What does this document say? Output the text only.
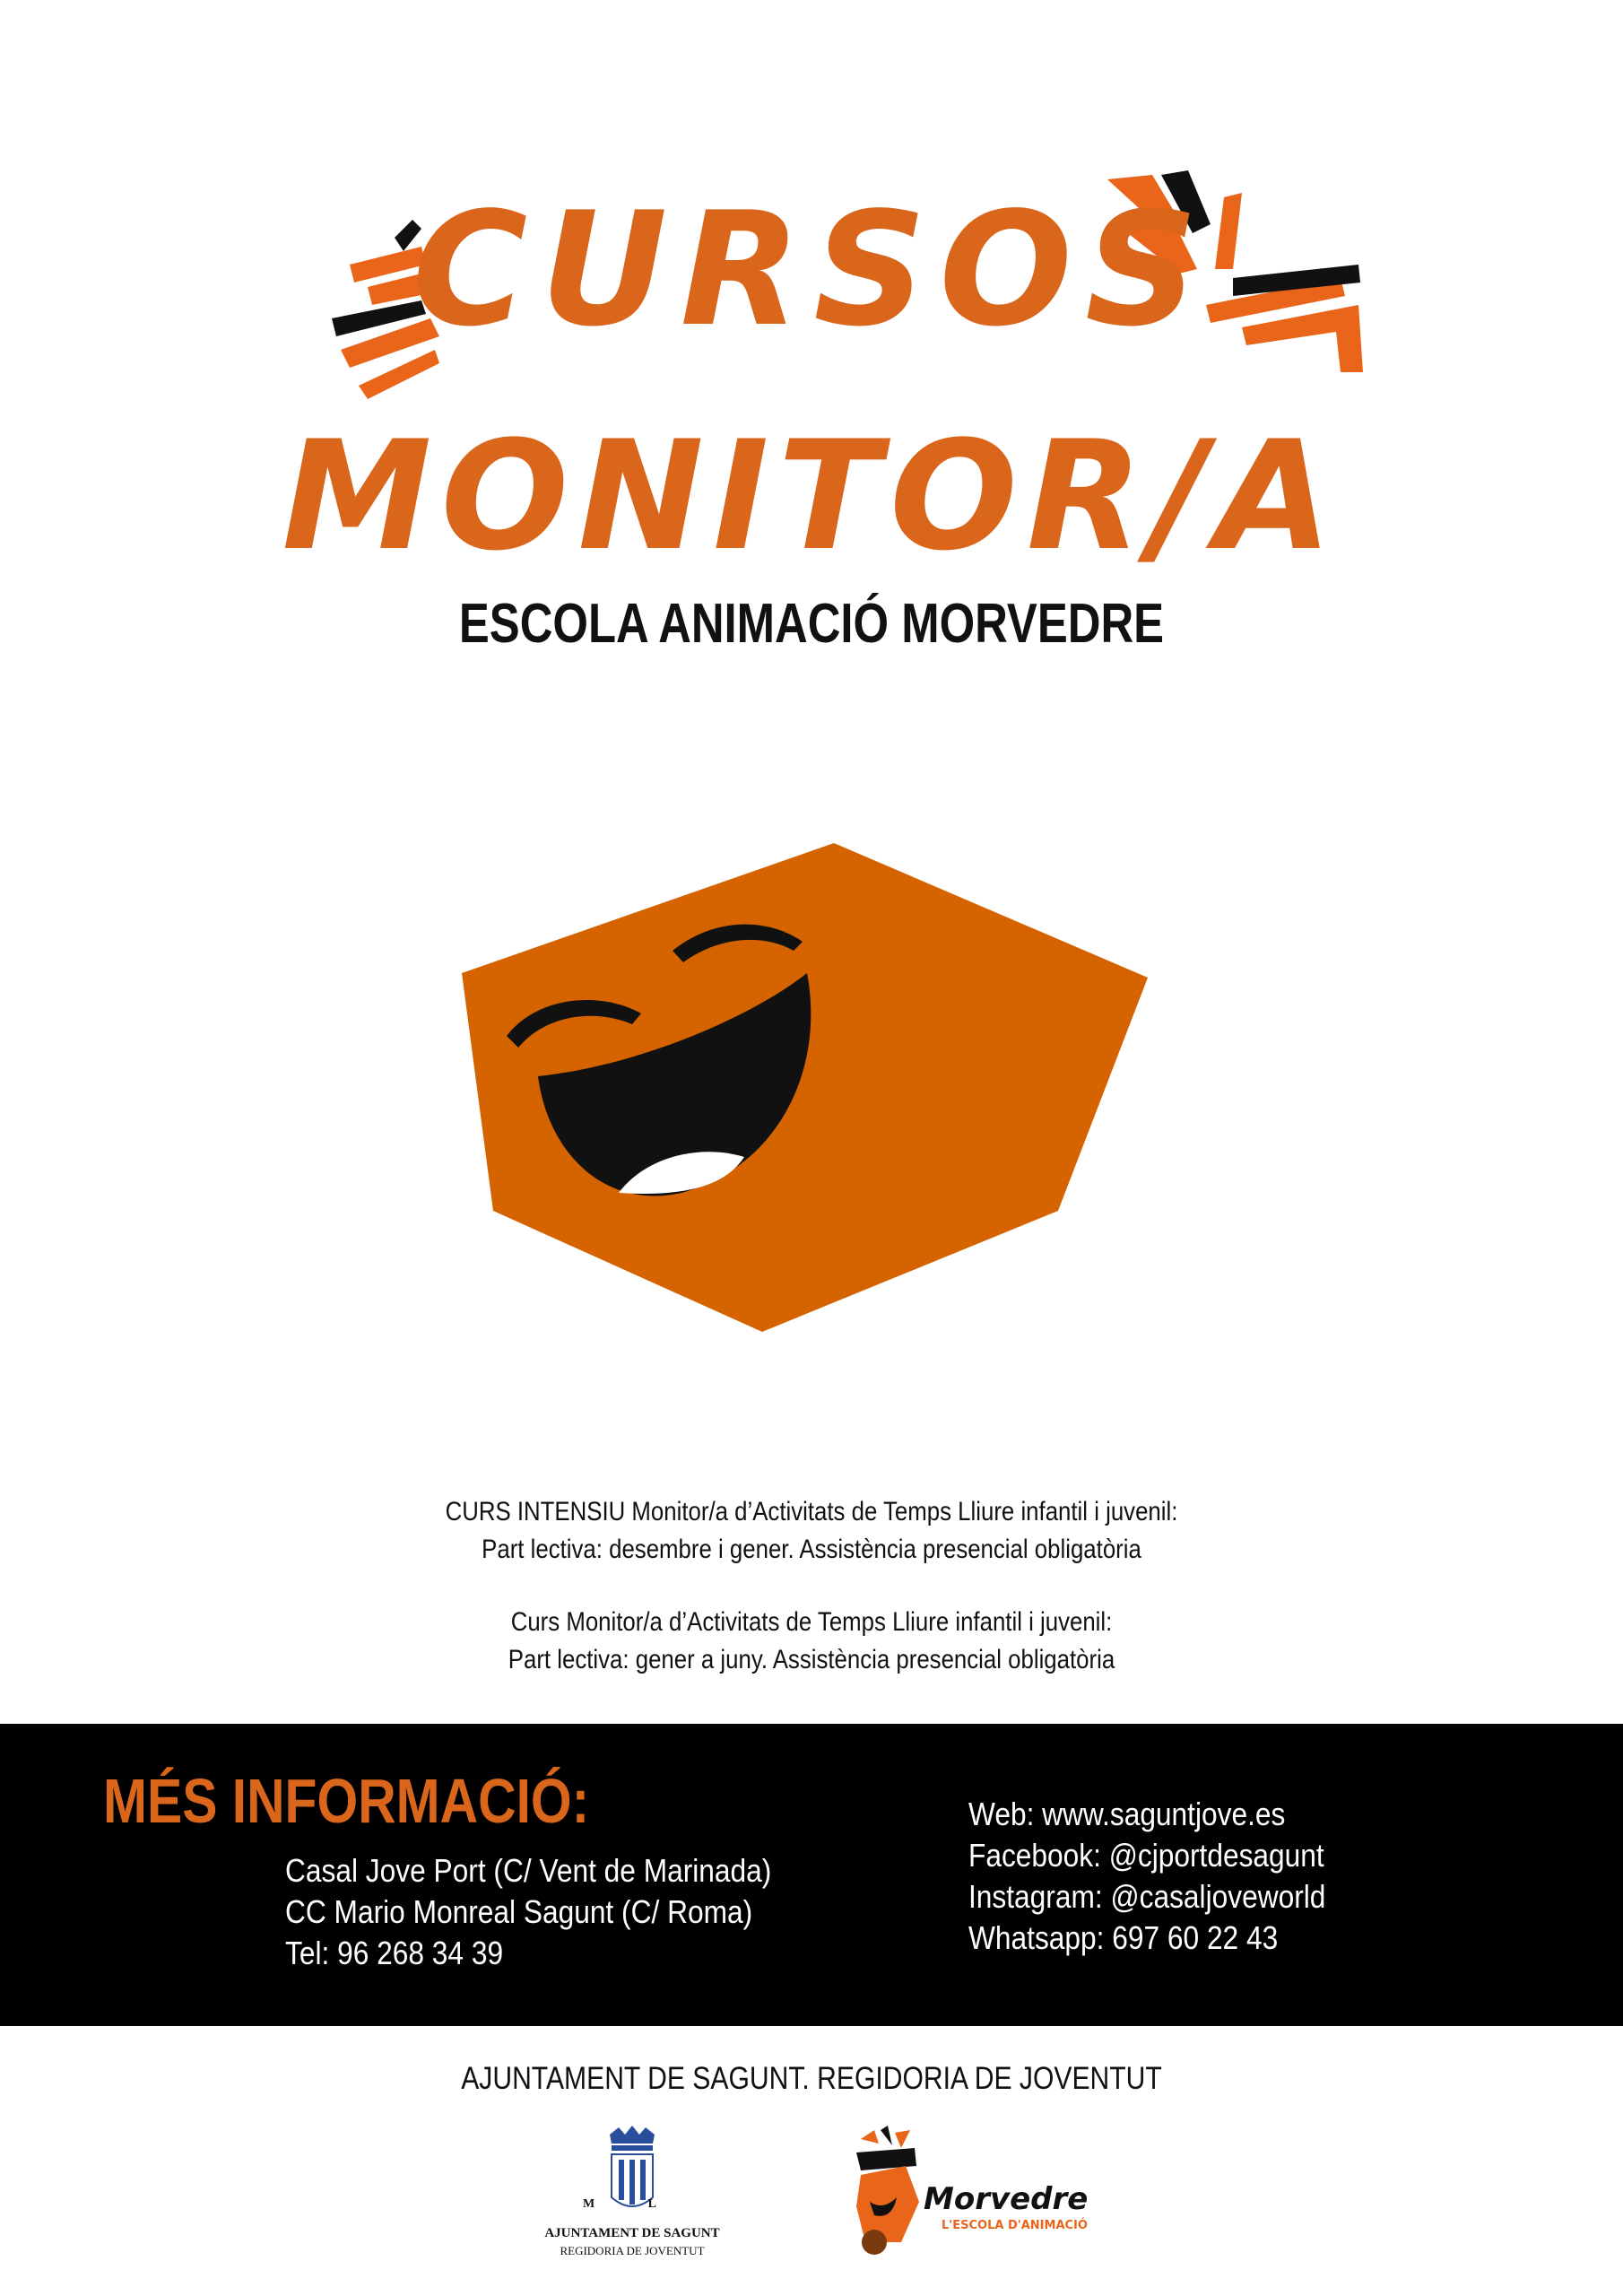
CURSOS
MONITOR/A
ESCOLA ANIMACIÓ MORVEDRE
CURS INTENSIU Monitor/a d’Activitats de Temps Lliure infantil i juvenil:
Part lectiva: desembre i gener. Assistència presencial obligatòria
Curs Monitor/a d’Activitats de Temps Lliure infantil i juvenil:
Part lectiva: gener a juny. Assistència presencial obligatòria
MÉS INFORMACIÓ:
Casal Jove Port (C/ Vent de Marinada)
CC Mario Monreal Sagunt (C/ Roma)
Tel: 96 268 34 39
Web: www.saguntjove.es
Facebook: @cjportdesagunt
Instagram: @casaljoveworld
Whatsapp: 697 60 22 43
AJUNTAMENT DE SAGUNT. REGIDORIA DE JOVENTUT
M L
AJUNTAMENT DE SAGUNT
REGIDORIA DE JOVENTUT
Morvedre
L'ESCOLA D'ANIMACIÓ
